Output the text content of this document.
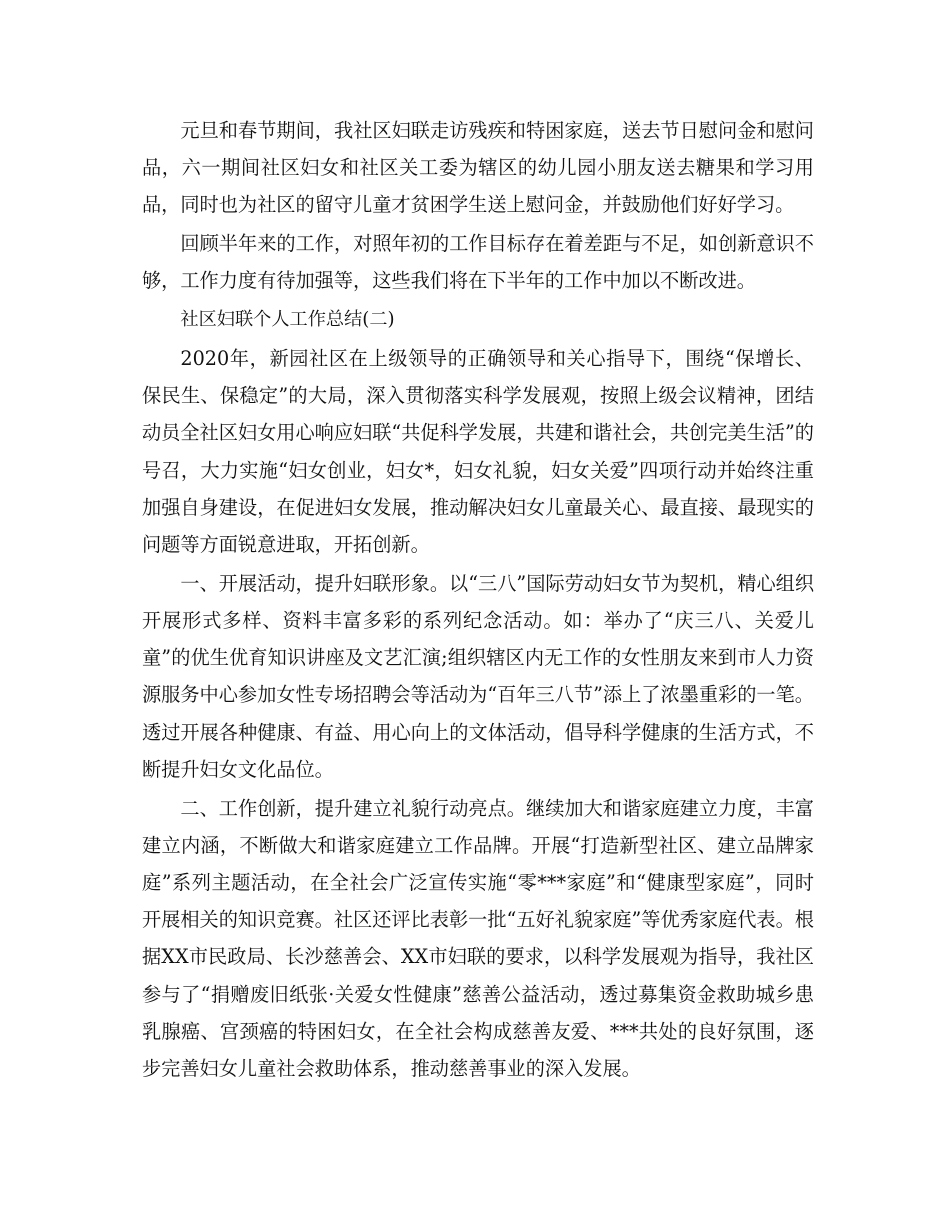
元旦和春节期间，我社区妇联走访残疾和特困家庭，送去节日慰问金和慰问品，六一期间社区妇女和社区关工委为辖区的幼儿园小朋友送去糖果和学习用品，同时也为社区的留守儿童才贫困学生送上慰问金，并鼓励他们好好学习。

回顾半年来的工作，对照年初的工作目标存在着差距与不足，如创新意识不够，工作力度有待加强等，这些我们将在下半年的工作中加以不断改进。

社区妇联个人工作总结(二)

2020年，新园社区在上级领导的正确领导和关心指导下，围绕“保增长、保民生、保稳定”的大局，深入贯彻落实科学发展观，按照上级会议精神，团结动员全社区妇女用心响应妇联“共促科学发展，共建和谐社会，共创完美生活”的号召，大力实施“妇女创业，妇女*，妇女礼貌，妇女关爱”四项行动并始终注重加强自身建设，在促进妇女发展，推动解决妇女儿童最关心、最直接、最现实的问题等方面锐意进取，开拓创新。

一、开展活动，提升妇联形象。以“三八”国际劳动妇女节为契机，精心组织开展形式多样、资料丰富多彩的系列纪念活动。如：举办了“庆三八、关爱儿童”的优生优育知识讲座及文艺汇演;组织辖区内无工作的女性朋友来到市人力资源服务中心参加女性专场招聘会等活动为“百年三八节”添上了浓墨重彩的一笔。透过开展各种健康、有益、用心向上的文体活动，倡导科学健康的生活方式，不断提升妇女文化品位。

二、工作创新，提升建立礼貌行动亮点。继续加大和谐家庭建立力度，丰富建立内涵，不断做大和谐家庭建立工作品牌。开展“打造新型社区、建立品牌家庭”系列主题活动，在全社会广泛宣传实施“零***家庭”和“健康型家庭”，同时开展相关的知识竞赛。社区还评比表彰一批“五好礼貌家庭”等优秀家庭代表。根据XX市民政局、长沙慈善会、XX市妇联的要求，以科学发展观为指导，我社区参与了“捐赠废旧纸张·关爱女性健康”慈善公益活动，透过募集资金救助城乡患乳腺癌、宫颈癌的特困妇女，在全社会构成慈善友爱、***共处的良好氛围，逐步完善妇女儿童社会救助体系，推动慈善事业的深入发展。
